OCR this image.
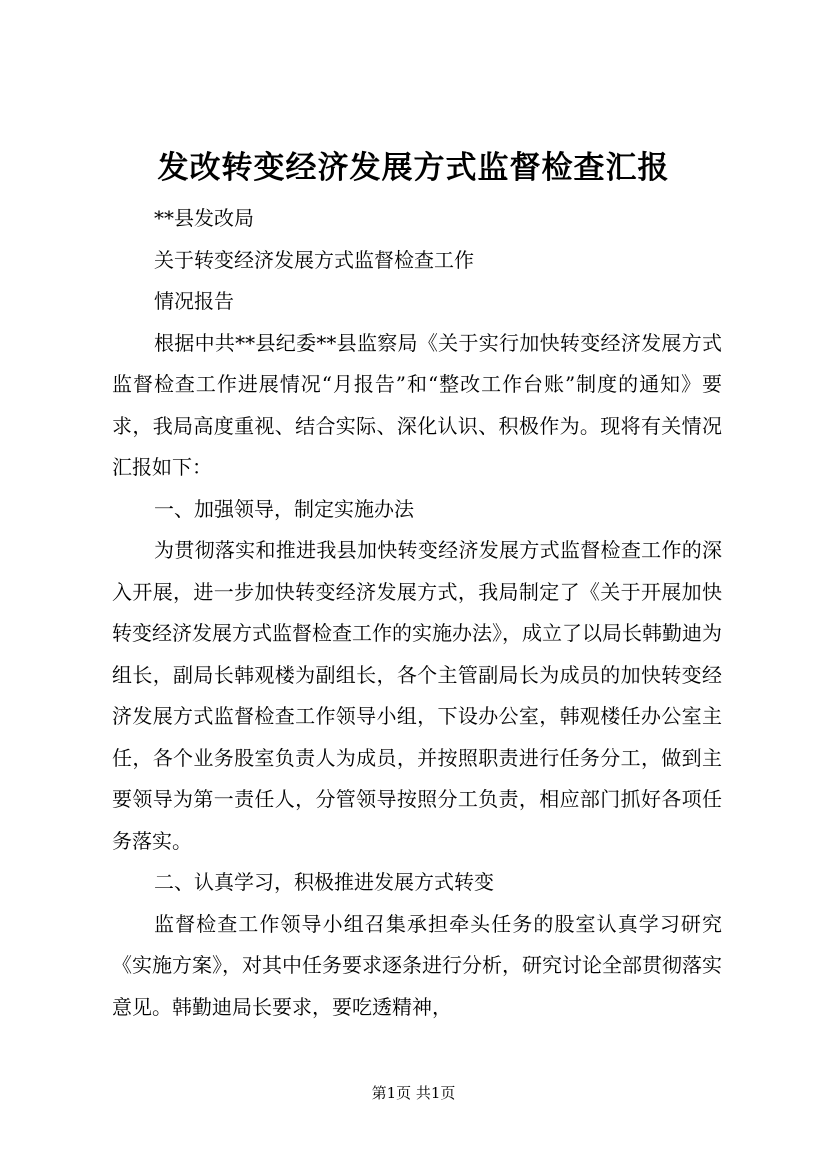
发改转变经济发展方式监督检查汇报

**县发改局

关于转变经济发展方式监督检查工作

情况报告

根据中共**县纪委**县监察局《关于实行加快转变经济发展方式监督检查工作进展情况“月报告”和“整改工作台账”制度的通知》要求，我局高度重视、结合实际、深化认识、积极作为。现将有关情况汇报如下：

一、加强领导，制定实施办法

为贯彻落实和推进我县加快转变经济发展方式监督检查工作的深入开展，进一步加快转变经济发展方式，我局制定了《关于开展加快转变经济发展方式监督检查工作的实施办法》，成立了以局长韩勤迪为组长，副局长韩观楼为副组长，各个主管副局长为成员的加快转变经济发展方式监督检查工作领导小组，下设办公室，韩观楼任办公室主任，各个业务股室负责人为成员，并按照职责进行任务分工，做到主要领导为第一责任人，分管领导按照分工负责，相应部门抓好各项任务落实。

二、认真学习，积极推进发展方式转变

监督检查工作领导小组召集承担牵头任务的股室认真学习研究《实施方案》，对其中任务要求逐条进行分析，研究讨论全部贯彻落实意见。韩勤迪局长要求，要吃透精神，

第1页 共1页
